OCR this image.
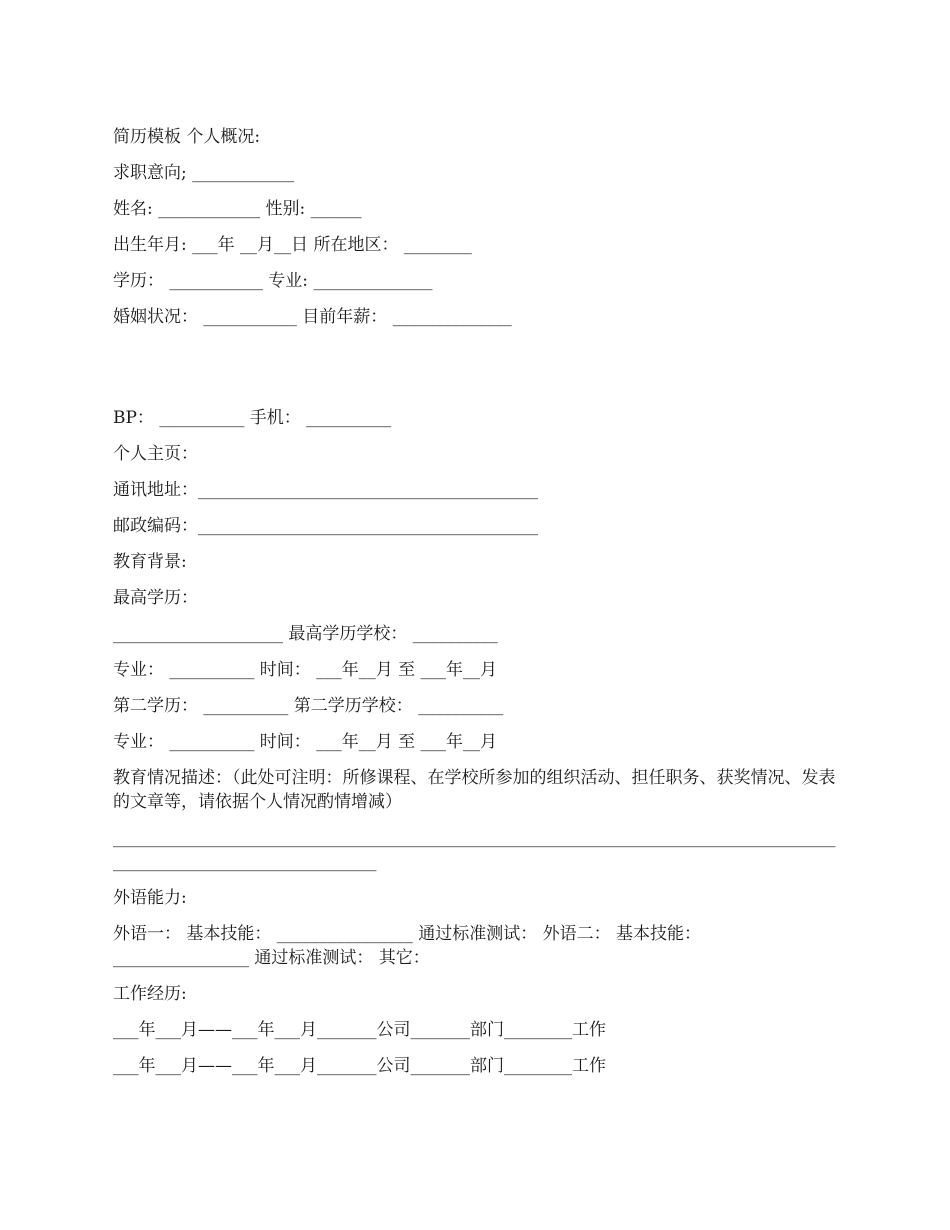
简历模板 个人概况:
求职意向; ____________
姓名: ____________ 性别: ______
出生年月: ___年 __月__日 所在地区： ________
学历： ___________ 专业: ______________
婚姻状况： ___________ 目前年薪： ______________
BP： __________ 手机： __________
个人主页：
通讯地址：________________________________________
邮政编码：________________________________________
教育背景:
最高学历：
____________________ 最高学历学校： __________
专业： __________ 时间： ___年__月 至 ___年__月
第二学历： __________ 第二学历学校： __________
专业： __________ 时间： ___年__月 至 ___年__月
教育情况描述：（此处可注明：所修课程、在学校所参加的组织活动、担任职务、获奖情况、发表的文章等，请依据个人情况酌情增减）
____________________________________________________________________________________________________________________
外语能力:
外语一： 基本技能： ________________ 通过标准测试： 外语二： 基本技能： ________________ 通过标准测试： 其它：
工作经历:
___年___月——___年___月_______公司_______部门________工作
___年___月——___年___月_______公司_______部门________工作
